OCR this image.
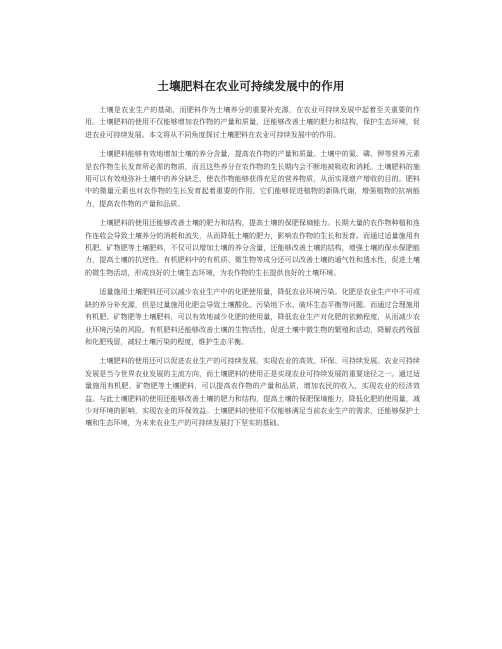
土壤肥料在农业可持续发展中的作用

土壤是农业生产的基础，而肥料作为土壤养分的重要补充源，在农业可持续发展中起着至关重要的作用。土壤肥料的使用不仅能够增加农作物的产量和质量，还能够改善土壤的肥力和结构，保护生态环境，促进农业可持续发展。本文将从不同角度探讨土壤肥料在农业可持续发展中的作用。

土壤肥料能够有效地增加土壤的养分含量，提高农作物的产量和质量。土壤中的氮、磷、钾等营养元素是农作物生长发育所必需的物质，而且这些养分在农作物的生长期内会不断地被吸收和消耗。土壤肥料的施用可以有效地弥补土壤中的养分缺乏，使农作物能够获得充足的营养物质，从而实现增产增收的目的。肥料中的微量元素也对农作物的生长发育起着重要的作用，它们能够促进植物的新陈代谢，增强植物的抗病能力，提高农作物的产量和品质。

土壤肥料的使用还能够改善土壤的肥力和结构，提高土壤的保肥保墒能力。长期大量的农作物种植和连作连收会导致土壤养分的消耗和流失，从而降低土壤的肥力，影响农作物的生长和发育。而通过适量施用有机肥、矿物肥等土壤肥料，不仅可以增加土壤的养分含量，还能够改善土壤的结构，增强土壤的保水保肥能力，提高土壤的抗逆性。有机肥料中的有机质、微生物等成分还可以改善土壤的通气性和透水性，促进土壤的微生物活动，形成良好的土壤生态环境，为农作物的生长提供良好的土壤环境。

适量施用土壤肥料还可以减少农业生产中的化肥使用量，降低农业环境污染。化肥是农业生产中不可或缺的养分补充源，但是过量施用化肥会导致土壤酸化、污染地下水、破坏生态平衡等问题。而通过合理施用有机肥、矿物肥等土壤肥料，可以有效地减少化肥的使用量，降低农业生产对化肥的依赖程度，从而减少农业环境污染的风险。有机肥料还能够改善土壤的生物活性，促进土壤中微生物的繁殖和活动，降解农药残留和化肥残留，减轻土壤污染的程度，维护生态平衡。

土壤肥料的使用还可以促进农业生产的可持续发展，实现农业的高效、环保、可持续发展。农业可持续发展是当今世界农业发展的主流方向，而土壤肥料的使用正是实现农业可持续发展的重要途径之一。通过适量施用有机肥、矿物肥等土壤肥料，可以提高农作物的产量和品质，增加农民的收入，实现农业的经济效益。与此土壤肥料的使用还能够改善土壤的肥力和结构，提高土壤的保肥保墒能力，降低化肥的使用量，减少对环境的影响，实现农业的环保效益。土壤肥料的使用不仅能够满足当前农业生产的需求，还能够保护土壤和生态环境，为未来农业生产的可持续发展打下坚实的基础。
